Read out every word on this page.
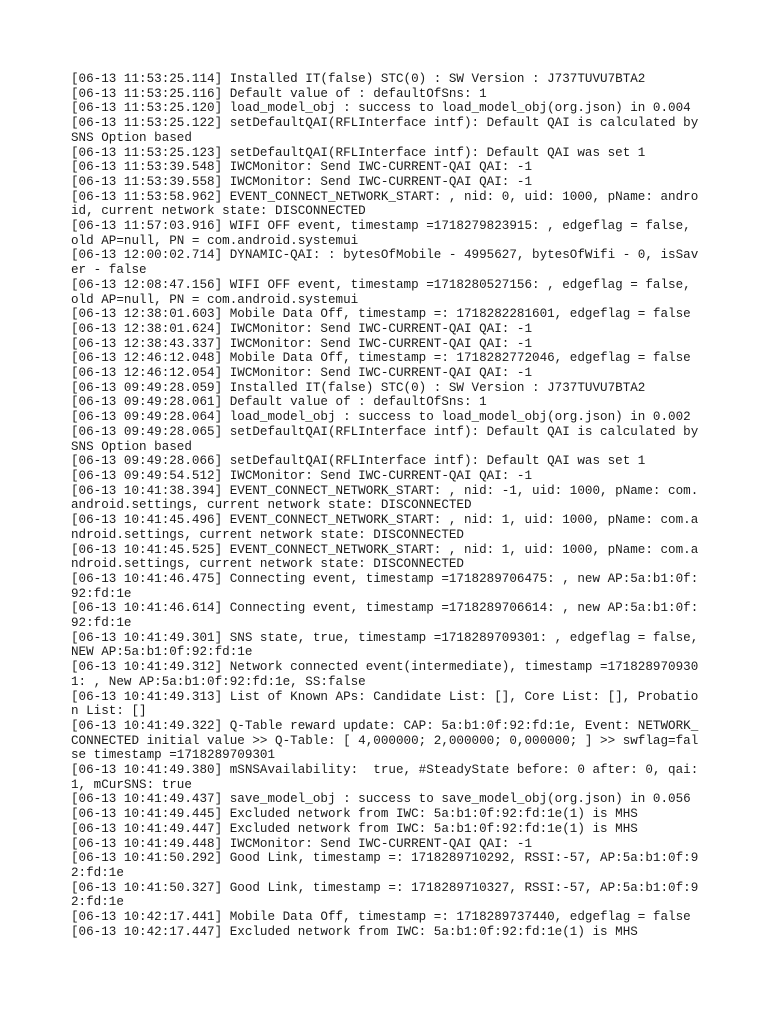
[06-13 11:53:25.114] Installed IT(false) STC(0) : SW Version : J737TUVU7BTA2
[06-13 11:53:25.116] Default value of : defaultOfSns: 1
[06-13 11:53:25.120] load_model_obj : success to load_model_obj(org.json) in 0.004
[06-13 11:53:25.122] setDefaultQAI(RFLInterface intf): Default QAI is calculated by SNS Option based
[06-13 11:53:25.123] setDefaultQAI(RFLInterface intf): Default QAI was set 1
[06-13 11:53:39.548] IWCMonitor: Send IWC-CURRENT-QAI QAI: -1
[06-13 11:53:39.558] IWCMonitor: Send IWC-CURRENT-QAI QAI: -1
[06-13 11:53:58.962] EVENT_CONNECT_NETWORK_START: , nid: 0, uid: 1000, pName: android, current network state: DISCONNECTED
[06-13 11:57:03.916] WIFI OFF event, timestamp =1718279823915: , edgeflag = false, old AP=null, PN = com.android.systemui
[06-13 12:00:02.714] DYNAMIC-QAI: : bytesOfMobile - 4995627, bytesOfWifi - 0, isSaver - false
[06-13 12:08:47.156] WIFI OFF event, timestamp =1718280527156: , edgeflag = false, old AP=null, PN = com.android.systemui
[06-13 12:38:01.603] Mobile Data Off, timestamp =: 1718282281601, edgeflag = false
[06-13 12:38:01.624] IWCMonitor: Send IWC-CURRENT-QAI QAI: -1
[06-13 12:38:43.337] IWCMonitor: Send IWC-CURRENT-QAI QAI: -1
[06-13 12:46:12.048] Mobile Data Off, timestamp =: 1718282772046, edgeflag = false
[06-13 12:46:12.054] IWCMonitor: Send IWC-CURRENT-QAI QAI: -1
[06-13 09:49:28.059] Installed IT(false) STC(0) : SW Version : J737TUVU7BTA2
[06-13 09:49:28.061] Default value of : defaultOfSns: 1
[06-13 09:49:28.064] load_model_obj : success to load_model_obj(org.json) in 0.002
[06-13 09:49:28.065] setDefaultQAI(RFLInterface intf): Default QAI is calculated by SNS Option based
[06-13 09:49:28.066] setDefaultQAI(RFLInterface intf): Default QAI was set 1
[06-13 09:49:54.512] IWCMonitor: Send IWC-CURRENT-QAI QAI: -1
[06-13 10:41:38.394] EVENT_CONNECT_NETWORK_START: , nid: -1, uid: 1000, pName: com.android.settings, current network state: DISCONNECTED
[06-13 10:41:45.496] EVENT_CONNECT_NETWORK_START: , nid: 1, uid: 1000, pName: com.android.settings, current network state: DISCONNECTED
[06-13 10:41:45.525] EVENT_CONNECT_NETWORK_START: , nid: 1, uid: 1000, pName: com.android.settings, current network state: DISCONNECTED
[06-13 10:41:46.475] Connecting event, timestamp =1718289706475: , new AP:5a:b1:0f:92:fd:1e
[06-13 10:41:46.614] Connecting event, timestamp =1718289706614: , new AP:5a:b1:0f:92:fd:1e
[06-13 10:41:49.301] SNS state, true, timestamp =1718289709301: , edgeflag = false, NEW AP:5a:b1:0f:92:fd:1e
[06-13 10:41:49.312] Network connected event(intermediate), timestamp =1718289709301: , New AP:5a:b1:0f:92:fd:1e, SS:false
[06-13 10:41:49.313] List of Known APs: Candidate List: [], Core List: [], Probation List: []
[06-13 10:41:49.322] Q-Table reward update: CAP: 5a:b1:0f:92:fd:1e, Event: NETWORK_CONNECTED initial value >> Q-Table: [ 4,000000; 2,000000; 0,000000; ] >> swflag=false timestamp =1718289709301
[06-13 10:41:49.380] mSNSAvailability:  true, #SteadyState before: 0 after: 0, qai: 1, mCurSNS: true
[06-13 10:41:49.437] save_model_obj : success to save_model_obj(org.json) in 0.056
[06-13 10:41:49.445] Excluded network from IWC: 5a:b1:0f:92:fd:1e(1) is MHS
[06-13 10:41:49.447] Excluded network from IWC: 5a:b1:0f:92:fd:1e(1) is MHS
[06-13 10:41:49.448] IWCMonitor: Send IWC-CURRENT-QAI QAI: -1
[06-13 10:41:50.292] Good Link, timestamp =: 1718289710292, RSSI:-57, AP:5a:b1:0f:92:fd:1e
[06-13 10:41:50.327] Good Link, timestamp =: 1718289710327, RSSI:-57, AP:5a:b1:0f:92:fd:1e
[06-13 10:42:17.441] Mobile Data Off, timestamp =: 1718289737440, edgeflag = false
[06-13 10:42:17.447] Excluded network from IWC: 5a:b1:0f:92:fd:1e(1) is MHS
